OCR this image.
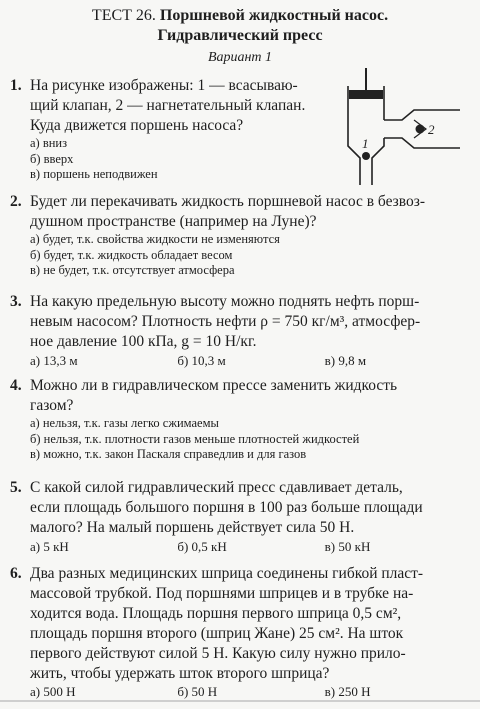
ТЕСТ 26. Поршневой жидкостный насос.
Гидравлический пресс
Вариант 1
2
1
1. На рисунке изображены: 1 — всасываю-
щий клапан, 2 — нагнетательный клапан.
Куда движется поршень насоса?
а) вниз
б) вверх
в) поршень неподвижен
2. Будет ли перекачивать жидкость поршневой насос в безвоз-
душном пространстве (например на Луне)?
а) будет, т.к. свойства жидкости не изменяются
б) будет, т.к. жидкость обладает весом
в) не будет, т.к. отсутствует атмосфера
3. На какую предельную высоту можно поднять нефть порш-
невым насосом? Плотность нефти ρ = 750 кг/м³, атмосфер-
ное давление 100 кПа, g = 10 Н/кг.
а) 13,3 м	б) 10,3 м	в) 9,8 м
4. Можно ли в гидравлическом прессе заменить жидкость
газом?
а) нельзя, т.к. газы легко сжимаемы
б) нельзя, т.к. плотности газов меньше плотностей жидкостей
в) можно, т.к. закон Паскаля справедлив и для газов
5. С какой силой гидравлический пресс сдавливает деталь,
если площадь большого поршня в 100 раз больше площади
малого? На малый поршень действует сила 50 Н.
а) 5 кН	б) 0,5 кН	в) 50 кН
6. Два разных медицинских шприца соединены гибкой пласт-
массовой трубкой. Под поршнями шприцев и в трубке на-
ходится вода. Площадь поршня первого шприца 0,5 см²,
площадь поршня второго (шприц Жане) 25 см². На шток
первого действуют силой 5 Н. Какую силу нужно прило-
жить, чтобы удержать шток второго шприца?
а) 500 Н	б) 50 Н	в) 250 Н
